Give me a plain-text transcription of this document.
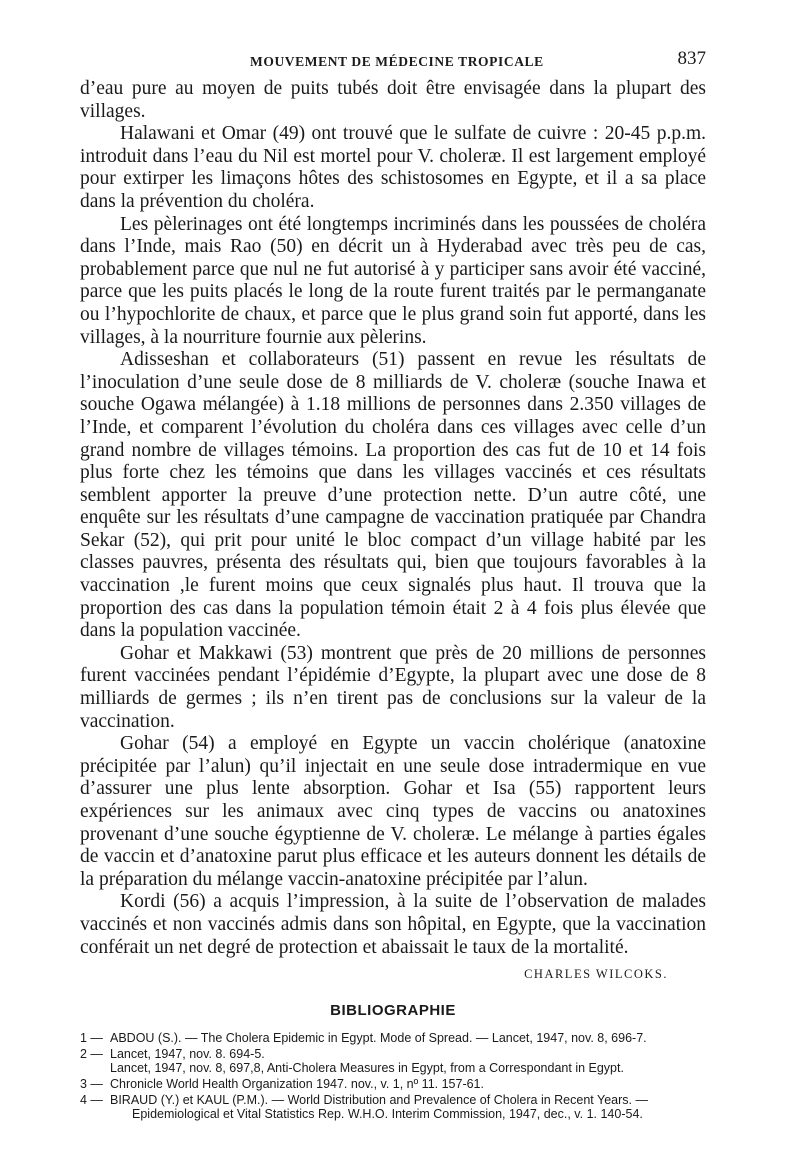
MOUVEMENT DE MÉDECINE TROPICALE	837

d’eau pure au moyen de puits tubés doit être envisagée dans la plupart des villages.

Halawani et Omar (49) ont trouvé que le sulfate de cuivre : 20-45 p.p.m. introduit dans l’eau du Nil est mortel pour V. choleræ. Il est largement employé pour extirper les limaçons hôtes des schistosomes en Egypte, et il a sa place dans la prévention du choléra.

Les pèlerinages ont été longtemps incriminés dans les poussées de choléra dans l’Inde, mais Rao (50) en décrit un à Hyderabad avec très peu de cas, probablement parce que nul ne fut autorisé à y participer sans avoir été vacciné, parce que les puits placés le long de la route furent traités par le permanganate ou l’hypochlorite de chaux, et parce que le plus grand soin fut apporté, dans les villages, à la nourriture fournie aux pèlerins.

Adisseshan et collaborateurs (51) passent en revue les résultats de l’inoculation d’une seule dose de 8 milliards de V. choleræ (souche Inawa et souche Ogawa mélangée) à 1.18 millions de personnes dans 2.350 villages de l’Inde, et comparent l’évolution du choléra dans ces villages avec celle d’un grand nombre de villages témoins. La proportion des cas fut de 10 et 14 fois plus forte chez les témoins que dans les villages vaccinés et ces résultats semblent apporter la preuve d’une protection nette. D’un autre côté, une enquête sur les résultats d’une campagne de vaccination pratiquée par Chandra Sekar (52), qui prit pour unité le bloc compact d’un village habité par les classes pauvres, présenta des résultats qui, bien que toujours favorables à la vaccination ,le furent moins que ceux signalés plus haut. Il trouva que la proportion des cas dans la population témoin était 2 à 4 fois plus élevée que dans la population vaccinée.

Gohar et Makkawi (53) montrent que près de 20 millions de personnes furent vaccinées pendant l’épidémie d’Egypte, la plupart avec une dose de 8 milliards de germes ; ils n’en tirent pas de conclusions sur la valeur de la vaccination.

Gohar (54) a employé en Egypte un vaccin cholérique (anatoxine précipitée par l’alun) qu’il injectait en une seule dose intradermique en vue d’assurer une plus lente absorption. Gohar et Isa (55) rapportent leurs expériences sur les animaux avec cinq types de vaccins ou anatoxines provenant d’une souche égyptienne de V. choleræ. Le mélange à parties égales de vaccin et d’anatoxine parut plus efficace et les auteurs donnent les détails de la préparation du mélange vaccin-anatoxine précipitée par l’alun.

Kordi (56) a acquis l’impression, à la suite de l’observation de malades vaccinés et non vaccinés admis dans son hôpital, en Egypte, que la vaccination conférait un net degré de protection et abaissait le taux de la mortalité.

CHARLES WILCOKS.
BIBLIOGRAPHIE
1 — ABDOU (S.). — The Cholera Epidemic in Egypt. Mode of Spread. — Lancet, 1947, nov. 8, 696-7.
2 — Lancet, 1947, nov. 8. 694-5.
Lancet, 1947, nov. 8, 697,8, Anti-Cholera Measures in Egypt, from a Correspondant in Egypt.
3 — Chronicle World Health Organization 1947. nov., v. 1, nº 11. 157-61.
4 — BIRAUD (Y.) et KAUL (P.M.). — World Distribution and Prevalence of Cholera in Recent Years. — Epidemiological et Vital Statistics Rep. W.H.O. Interim Commission, 1947, dec., v. 1. 140-54.
